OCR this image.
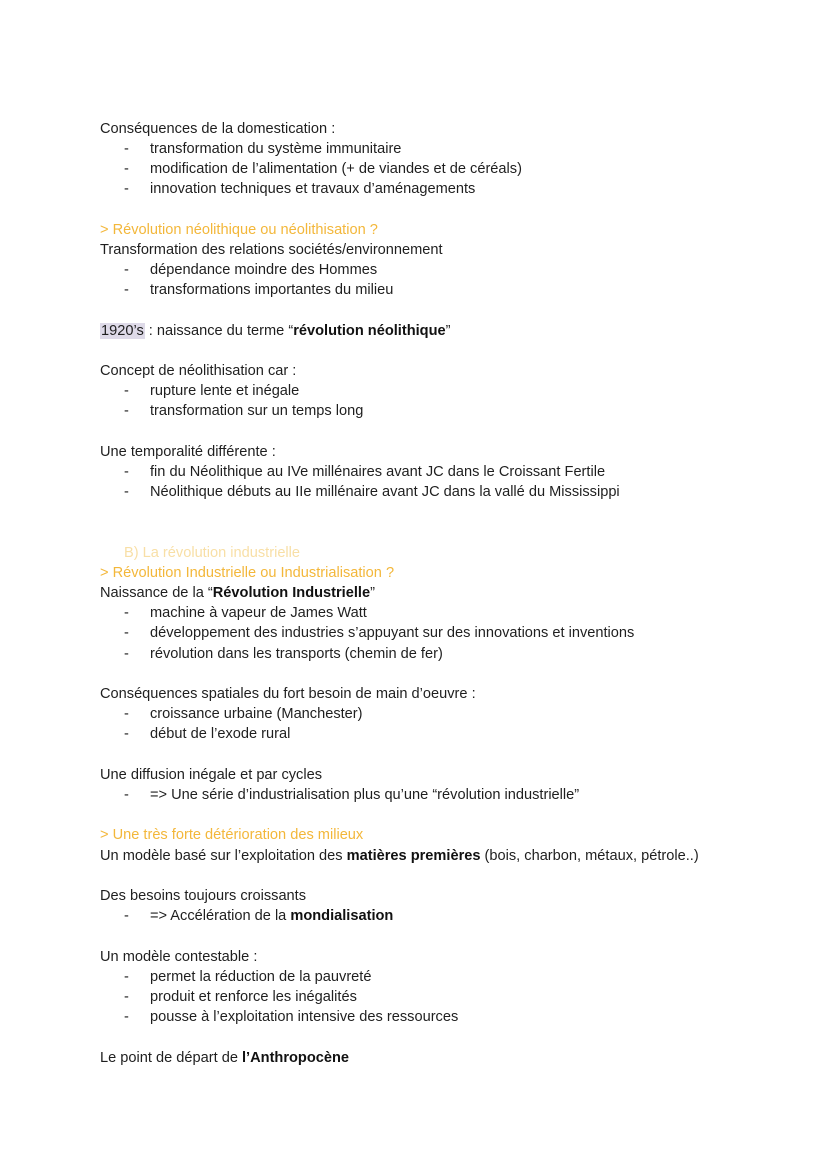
Conséquences de la domestication :
- transformation du système immunitaire
- modification de l’alimentation (+ de viandes et de céréals)
- innovation techniques et travaux d’aménagements
> Révolution néolithique ou néolithisation ?
Transformation des relations sociétés/environnement
- dépendance moindre des Hommes
- transformations importantes du milieu
1920’s : naissance du terme “révolution néolithique”
Concept de néolithisation car :
- rupture lente et inégale
- transformation sur un temps long
Une temporalité différente :
- fin du Néolithique au IVe millénaires avant JC dans le Croissant Fertile
- Néolithique débuts au IIe millénaire avant JC dans la vallé du Mississippi
B) La révolution industrielle
> Révolution Industrielle ou Industrialisation ?
Naissance de la “Révolution Industrielle”
- machine à vapeur de James Watt
- développement des industries s’appuyant sur des innovations et inventions
- révolution dans les transports (chemin de fer)
Conséquences spatiales du fort besoin de main d’oeuvre :
- croissance urbaine (Manchester)
- début de l’exode rural
Une diffusion inégale et par cycles
- => Une série d’industrialisation plus qu’une “révolution industrielle”
> Une très forte détérioration des milieux
Un modèle basé sur l’exploitation des matières premières (bois, charbon, métaux, pétrole..)
Des besoins toujours croissants
- => Accélération de la mondialisation
Un modèle contestable :
- permet la réduction de la pauvreté
- produit et renforce les inégalités
- pousse à l’exploitation intensive des ressources
Le point de départ de l’Anthropocène
